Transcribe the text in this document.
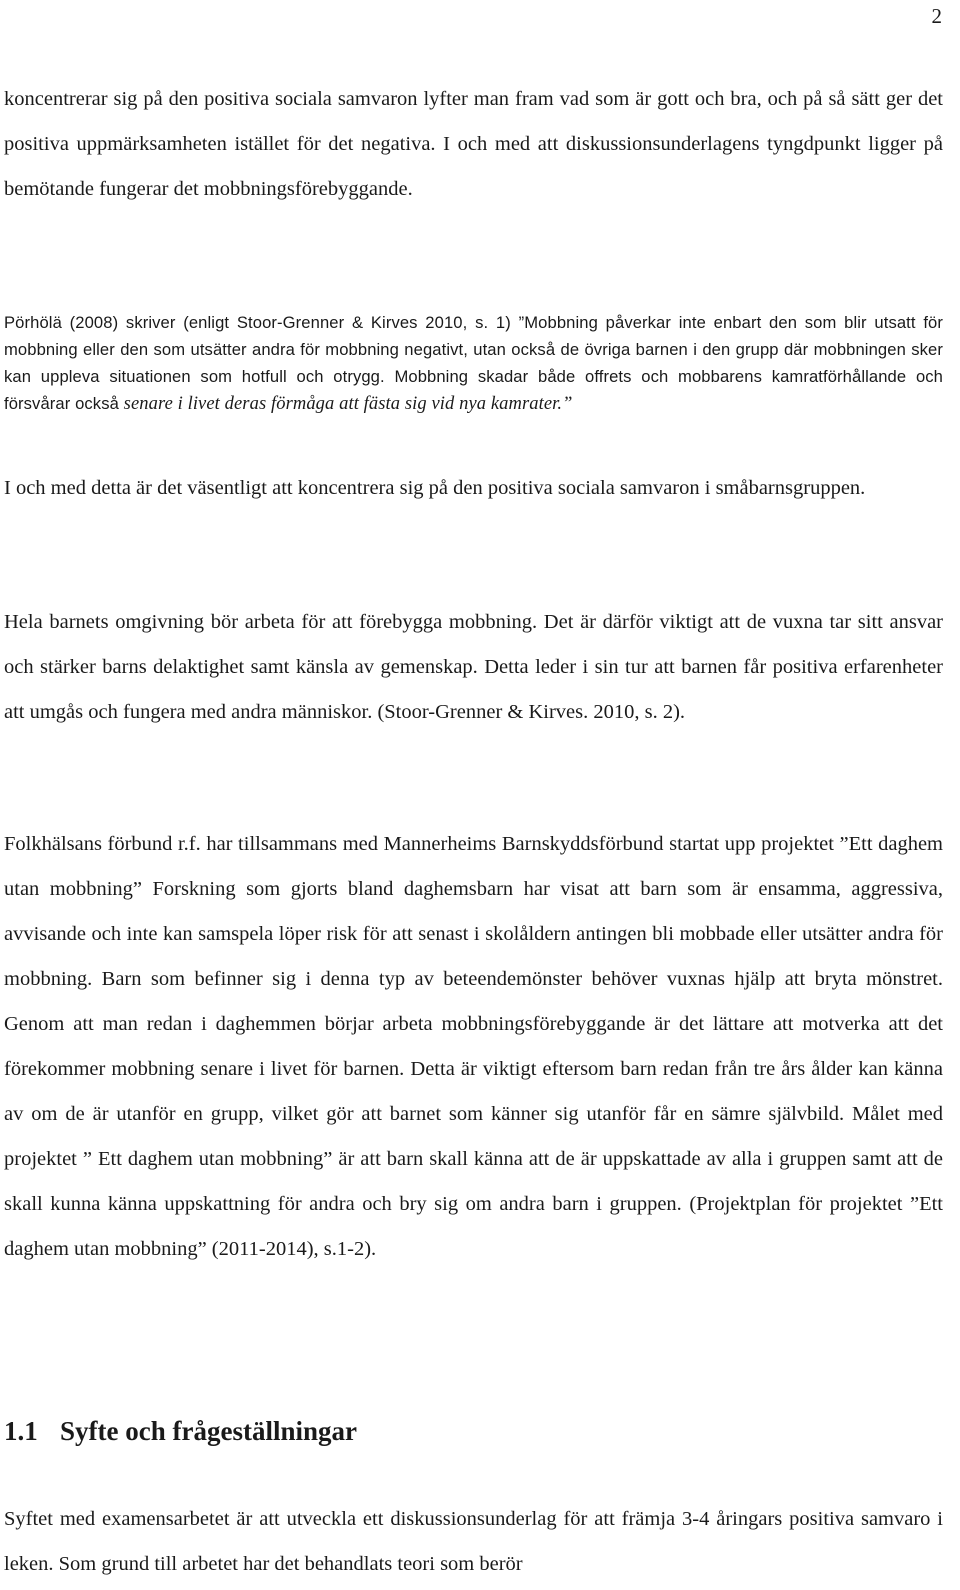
2

koncentrerar sig på den positiva sociala samvaron lyfter man fram vad som är gott och bra, och på så sätt ger det positiva uppmärksamheten istället för det negativa. I och med att diskussionsunderlagens tyngdpunkt ligger på bemötande fungerar det mobbningsförebyggande.

Pörhölä (2008) skriver (enligt Stoor-Grenner & Kirves 2010, s. 1) ”Mobbning påverkar inte enbart den som blir utsatt för mobbning eller den som utsätter andra för mobbning negativt, utan också de övriga barnen i den grupp där mobbningen sker kan uppleva situationen som hotfull och otrygg. Mobbning skadar både offrets och mobbarens kamratförhållande och försvårar också senare i livet deras förmåga att fästa sig vid nya kamrater.”

I och med detta är det väsentligt att koncentrera sig på den positiva sociala samvaron i småbarnsgruppen.

Hela barnets omgivning bör arbeta för att förebygga mobbning. Det är därför viktigt att de vuxna tar sitt ansvar och stärker barns delaktighet samt känsla av gemenskap. Detta leder i sin tur att barnen får positiva erfarenheter att umgås och fungera med andra människor. (Stoor-Grenner & Kirves. 2010, s. 2).

Folkhälsans förbund r.f. har tillsammans med Mannerheims Barnskyddsförbund startat upp projektet ”Ett daghem utan mobbning” Forskning som gjorts bland daghemsbarn har visat att barn som är ensamma, aggressiva, avvisande och inte kan samspela löper risk för att senast i skolåldern antingen bli mobbade eller utsätter andra för mobbning. Barn som befinner sig i denna typ av beteendemönster behöver vuxnas hjälp att bryta mönstret. Genom att man redan i daghemmen börjar arbeta mobbningsförebyggande är det lättare att motverka att det förekommer mobbning senare i livet för barnen. Detta är viktigt eftersom barn redan från tre års ålder kan känna av om de är utanför en grupp, vilket gör att barnet som känner sig utanför får en sämre självbild. Målet med projektet ” Ett daghem utan mobbning” är att barn skall känna att de är uppskattade av alla i gruppen samt att de skall kunna känna uppskattning för andra och bry sig om andra barn i gruppen. (Projektplan för projektet ”Ett daghem utan mobbning” (2011-2014), s.1-2).

1.1 Syfte och frågeställningar

Syftet med examensarbetet är att utveckla ett diskussionsunderlag för att främja 3-4 åringars positiva samvaro i leken. Som grund till arbetet har det behandlats teori som berör
